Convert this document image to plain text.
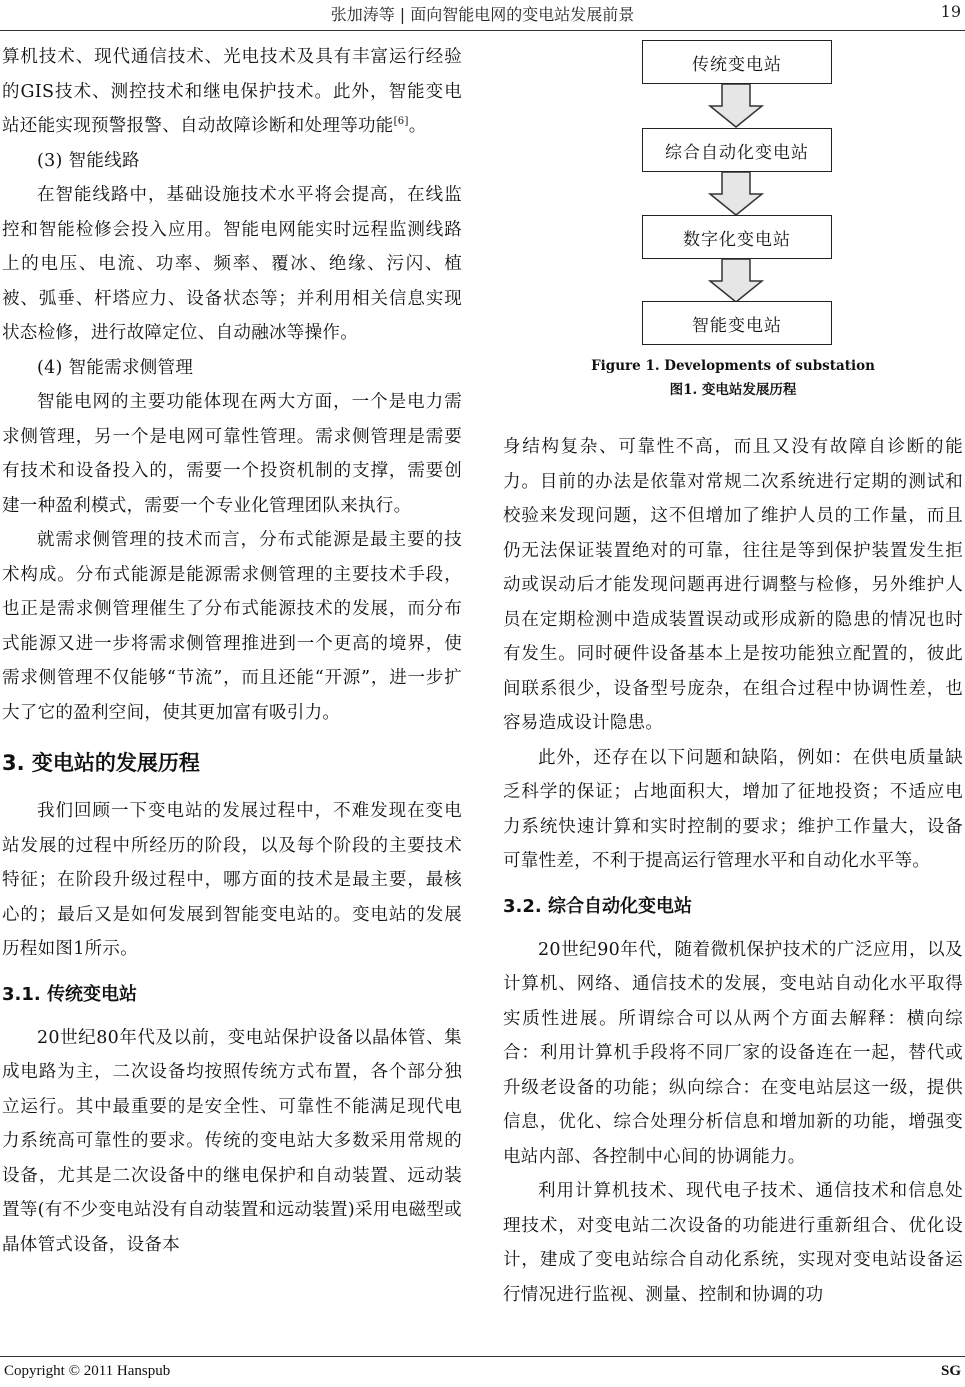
张加涛等 | 面向智能电网的变电站发展前景	19

算机技术、现代通信技术、光电技术及具有丰富运行经验的GIS技术、测控技术和继电保护技术。此外，智能变电站还能实现预警报警、自动故障诊断和处理等功能[6]。

(3) 智能线路

在智能线路中，基础设施技术水平将会提高，在线监控和智能检修会投入应用。智能电网能实时远程监测线路上的电压、电流、功率、频率、覆冰、绝缘、污闪、植被、弧垂、杆塔应力、设备状态等；并利用相关信息实现状态检修，进行故障定位、自动融冰等操作。

(4) 智能需求侧管理

智能电网的主要功能体现在两大方面，一个是电力需求侧管理，另一个是电网可靠性管理。需求侧管理是需要有技术和设备投入的，需要一个投资机制的支撑，需要创建一种盈利模式，需要一个专业化管理团队来执行。

就需求侧管理的技术而言，分布式能源是最主要的技术构成。分布式能源是能源需求侧管理的主要技术手段，也正是需求侧管理催生了分布式能源技术的发展，而分布式能源又进一步将需求侧管理推进到一个更高的境界，使需求侧管理不仅能够“节流”，而且还能“开源”，进一步扩大了它的盈利空间，使其更加富有吸引力。

3. 变电站的发展历程

我们回顾一下变电站的发展过程中，不难发现在变电站发展的过程中所经历的阶段，以及每个阶段的主要技术特征；在阶段升级过程中，哪方面的技术是最主要，最核心的；最后又是如何发展到智能变电站的。变电站的发展历程如图1所示。

3.1. 传统变电站

20世纪80年代及以前，变电站保护设备以晶体管、集成电路为主，二次设备均按照传统方式布置，各个部分独立运行。其中最重要的是安全性、可靠性不能满足现代电力系统高可靠性的要求。传统的变电站大多数采用常规的设备，尤其是二次设备中的继电保护和自动装置、远动装置等(有不少变电站没有自动装置和远动装置)采用电磁型或晶体管式设备，设备本

传统变电站
综合自动化变电站
数字化变电站
智能变电站
Figure 1. Developments of substation
图1. 变电站发展历程

身结构复杂、可靠性不高，而且又没有故障自诊断的能力。目前的办法是依靠对常规二次系统进行定期的测试和校验来发现问题，这不但增加了维护人员的工作量，而且仍无法保证装置绝对的可靠，往往是等到保护装置发生拒动或误动后才能发现问题再进行调整与检修，另外维护人员在定期检测中造成装置误动或形成新的隐患的情况也时有发生。同时硬件设备基本上是按功能独立配置的，彼此间联系很少，设备型号庞杂，在组合过程中协调性差，也容易造成设计隐患。

此外，还存在以下问题和缺陷，例如：在供电质量缺乏科学的保证；占地面积大，增加了征地投资；不适应电力系统快速计算和实时控制的要求；维护工作量大，设备可靠性差，不利于提高运行管理水平和自动化水平等。

3.2. 综合自动化变电站

20世纪90年代，随着微机保护技术的广泛应用，以及计算机、网络、通信技术的发展，变电站自动化水平取得实质性进展。所谓综合可以从两个方面去解释：横向综合：利用计算机手段将不同厂家的设备连在一起，替代或升级老设备的功能；纵向综合：在变电站层这一级，提供信息，优化、综合处理分析信息和增加新的功能，增强变电站内部、各控制中心间的协调能力。

利用计算机技术、现代电子技术、通信技术和信息处理技术，对变电站二次设备的功能进行重新组合、优化设计，建成了变电站综合自动化系统，实现对变电站设备运行情况进行监视、测量、控制和协调的功

Copyright © 2011 Hanspub	SG
